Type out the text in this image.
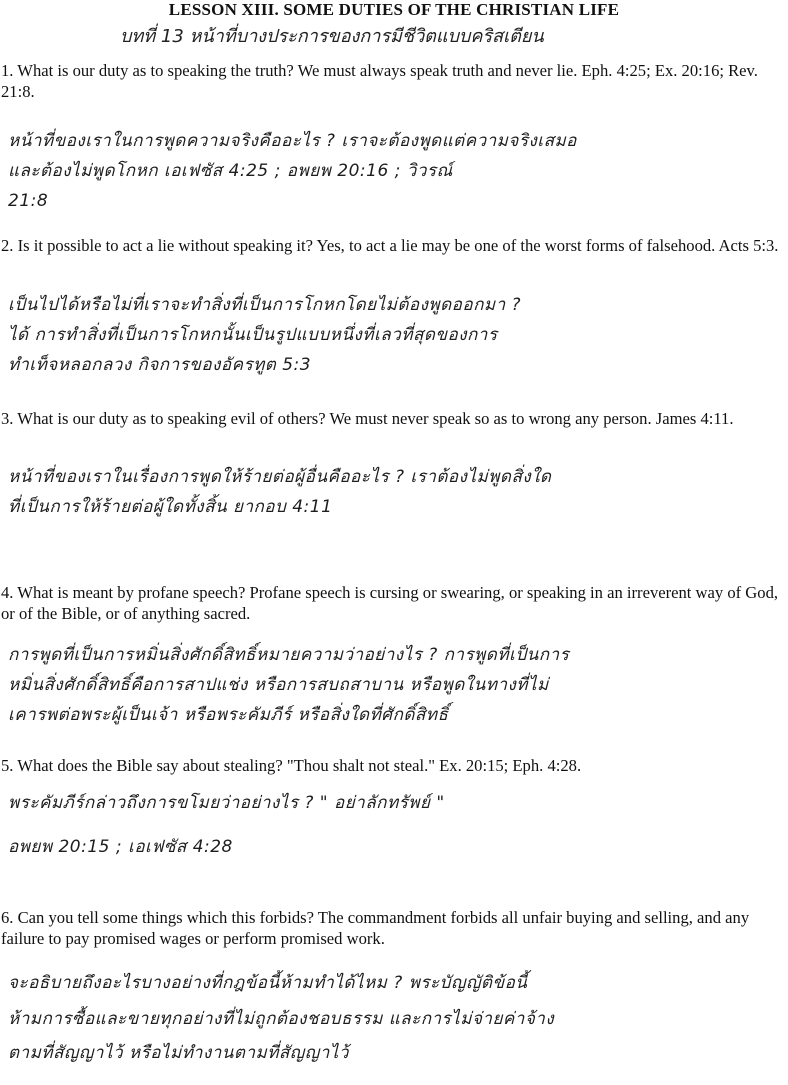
LESSON XIII. SOME DUTIES OF THE CHRISTIAN LIFE
บทที่ 13 หน้าที่บางประการของการมีชีวิตแบบคริสเตียน

1. What is our duty as to speaking the truth? We must always speak truth and never lie. Eph. 4:25; Ex. 20:16; Rev. 21:8.

หน้าที่ของเราในการพูดความจริงคืออะไร ? เราจะต้องพูดแต่ความจริงเสมอ
และต้องไม่พูดโกหก เอเฟซัส 4:25 ; อพยพ 20:16 ; วิวรณ์
21:8

2. Is it possible to act a lie without speaking it? Yes, to act a lie may be one of the worst forms of falsehood. Acts 5:3.

เป็นไปได้หรือไม่ที่เราจะทำสิ่งที่เป็นการโกหกโดยไม่ต้องพูดออกมา ?
ได้ การทำสิ่งที่เป็นการโกหกนั้นเป็นรูปแบบหนึ่งที่เลวที่สุดของการ
ทำเท็จหลอกลวง กิจการของอัครทูต 5:3

3. What is our duty as to speaking evil of others? We must never speak so as to wrong any person. James 4:11.

หน้าที่ของเราในเรื่องการพูดให้ร้ายต่อผู้อื่นคืออะไร ? เราต้องไม่พูดสิ่งใด
ที่เป็นการให้ร้ายต่อผู้ใดทั้งสิ้น ยากอบ 4:11

4. What is meant by profane speech? Profane speech is cursing or swearing, or speaking in an irreverent way of God, or of the Bible, or of anything sacred.

การพูดที่เป็นการหมิ่นสิ่งศักดิ์สิทธิ์หมายความว่าอย่างไร ? การพูดที่เป็นการ
หมิ่นสิ่งศักดิ์สิทธิ์คือการสาปแช่ง หรือการสบถสาบาน หรือพูดในทางที่ไม่
เคารพต่อพระผู้เป็นเจ้า หรือพระคัมภีร์ หรือสิ่งใดที่ศักดิ์สิทธิ์

5. What does the Bible say about stealing? "Thou shalt not steal." Ex. 20:15; Eph. 4:28.

พระคัมภีร์กล่าวถึงการขโมยว่าอย่างไร ? " อย่าลักทรัพย์ "
อพยพ 20:15 ; เอเฟซัส 4:28

6. Can you tell some things which this forbids? The commandment forbids all unfair buying and selling, and any failure to pay promised wages or perform promised work.

จะอธิบายถึงอะไรบางอย่างที่กฎข้อนี้ห้ามทำได้ไหม ? พระบัญญัติข้อนี้
ห้ามการซื้อและขายทุกอย่างที่ไม่ถูกต้องชอบธรรม และการไม่จ่ายค่าจ้าง
ตามที่สัญญาไว้ หรือไม่ทำงานตามที่สัญญาไว้
